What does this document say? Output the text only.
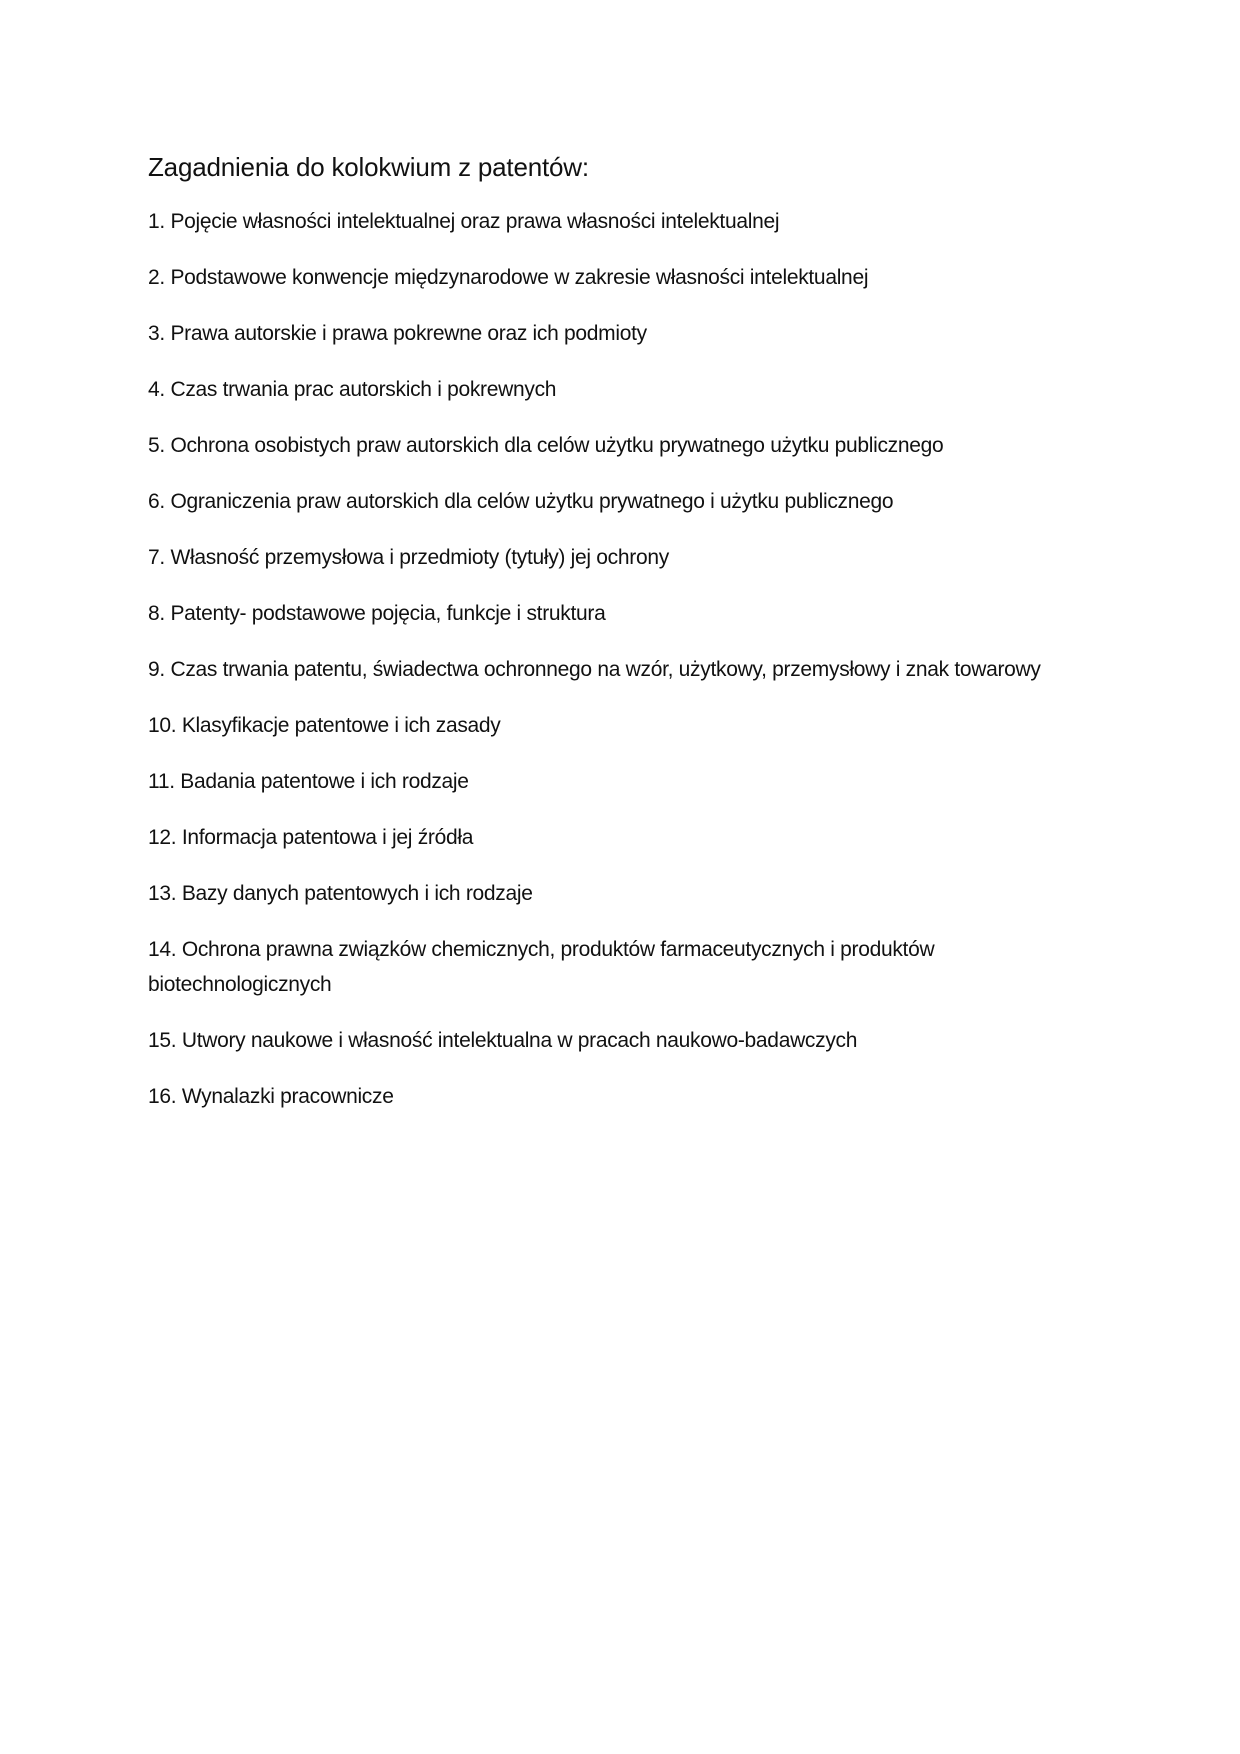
Zagadnienia do kolokwium z patentów:
1. Pojęcie własności intelektualnej oraz prawa własności intelektualnej
2. Podstawowe konwencje międzynarodowe w zakresie własności intelektualnej
3. Prawa autorskie i prawa pokrewne oraz ich podmioty
4. Czas trwania prac autorskich i pokrewnych
5. Ochrona osobistych praw autorskich dla celów użytku prywatnego użytku publicznego
6. Ograniczenia praw autorskich dla celów użytku prywatnego i użytku publicznego
7. Własność przemysłowa i przedmioty (tytuły) jej ochrony
8. Patenty- podstawowe pojęcia, funkcje i struktura
9. Czas trwania patentu, świadectwa ochronnego na wzór, użytkowy, przemysłowy i znak towarowy
10. Klasyfikacje patentowe i ich zasady
11. Badania patentowe i ich rodzaje
12. Informacja patentowa i jej źródła
13. Bazy danych patentowych i ich rodzaje
14. Ochrona prawna związków chemicznych, produktów farmaceutycznych i produktów biotechnologicznych
15. Utwory naukowe i własność intelektualna w pracach naukowo-badawczych
16. Wynalazki pracownicze
